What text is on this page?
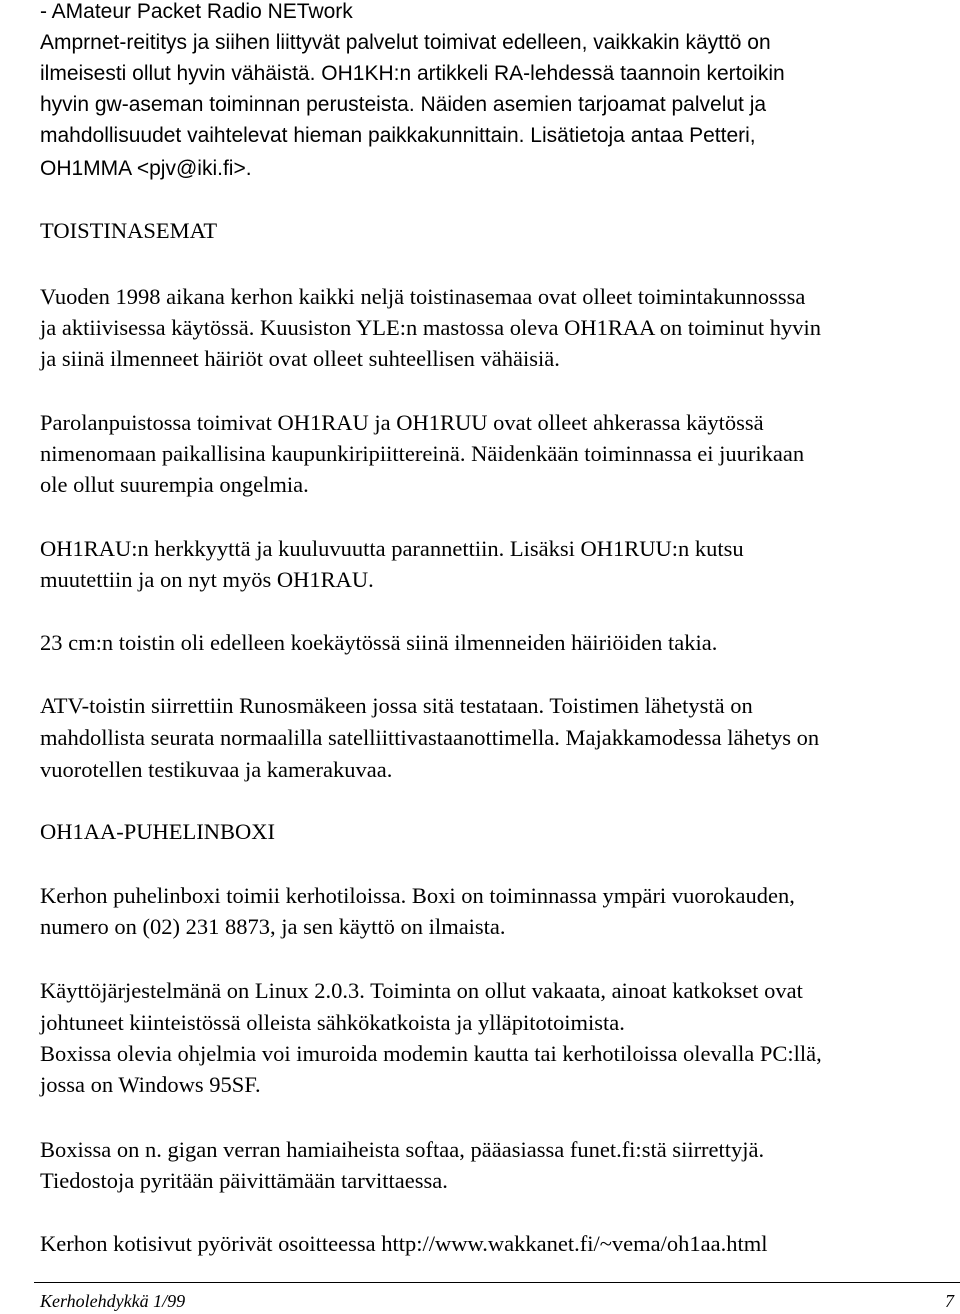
- AMateur Packet Radio NETwork
Amprnet-reititys ja siihen liittyvät palvelut toimivat edelleen, vaikkakin käyttö on
ilmeisesti ollut hyvin vähäistä. OH1KH:n artikkeli RA-lehdessä taannoin kertoikin
hyvin gw-aseman toiminnan perusteista. Näiden asemien tarjoamat palvelut ja
mahdollisuudet vaihtelevat hieman paikkakunnittain. Lisätietoja antaa Petteri,
OH1MMA <pjv@iki.fi>.
TOISTINASEMAT
Vuoden 1998 aikana kerhon kaikki neljä toistinasemaa ovat olleet toimintakunnosssa
ja aktiivisessa käytössä. Kuusiston YLE:n mastossa oleva OH1RAA on toiminut hyvin
ja siinä ilmenneet häiriöt ovat olleet suhteellisen vähäisiä.
Parolanpuistossa toimivat OH1RAU ja OH1RUU ovat olleet ahkerassa käytössä
nimenomaan paikallisina kaupunkiripiittereinä. Näidenkään toiminnassa ei juurikaan
ole ollut suurempia ongelmia.
OH1RAU:n herkkyyttä ja kuuluvuutta parannettiin. Lisäksi OH1RUU:n kutsu
muutettiin ja on nyt myös OH1RAU.
23 cm:n toistin oli edelleen koekäytössä siinä ilmenneiden häiriöiden takia.
ATV-toistin siirrettiin Runosmäkeen jossa sitä testataan. Toistimen lähetystä on
mahdollista seurata normaalilla satelliittivastaanottimella. Majakkamodessa lähetys on
vuorotellen testikuvaa ja kamerakuvaa.
OH1AA-PUHELINBOXI
Kerhon puhelinboxi toimii kerhotiloissa. Boxi on toiminnassa ympäri vuorokauden,
numero on (02) 231 8873, ja sen käyttö on ilmaista.
Käyttöjärjestelmänä on Linux 2.0.3. Toiminta on ollut vakaata, ainoat katkokset ovat
johtuneet kiinteistössä olleista sähkökatkoista ja ylläpitotoimista.
Boxissa olevia ohjelmia voi imuroida modemin kautta tai kerhotiloissa olevalla PC:llä,
jossa on Windows 95SF.
Boxissa on n. gigan verran hamiaiheista softaa, pääasiassa funet.fi:stä siirrettyjä.
Tiedostoja pyritään päivittämään tarvittaessa.
Kerhon kotisivut pyörivät osoitteessa http://www.wakkanet.fi/~vema/oh1aa.html
Kerholehdykkä 1/99	7
